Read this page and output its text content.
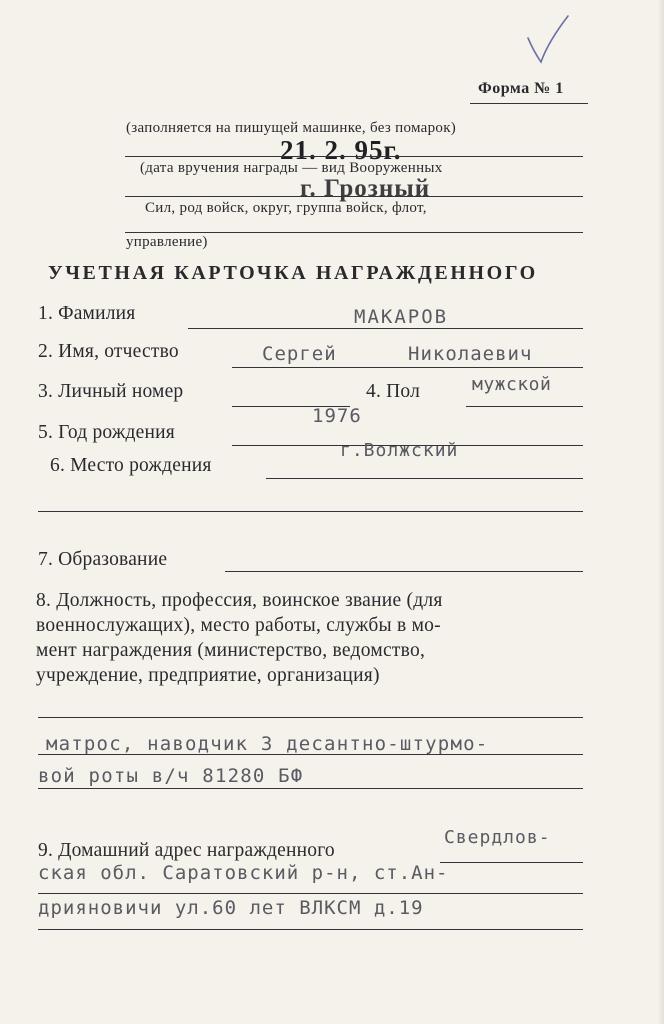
Форма № 1
(заполняется на пишущей машинке, без помарок)
21. 2. 95г.
(дата вручения награды — вид Вооруженных
г. Грозный
Сил, род войск, округ, группа войск, флот,
управление)
УЧЕТНАЯ КАРТОЧКА НАГРАЖДЕННОГО
1. Фамилия	МАКАРОВ
2. Имя, отчество	Сергей	Николаевич
3. Личный номер	4. Пол	мужской
5. Год рождения
1976
6. Место рождения
г.Волжский
7. Образование
8. Должность, профессия, воинское звание (для
военнослужащих), место работы, службы в мо-
мент награждения (министерство, ведомство,
учреждение, предприятие, организация)
матрос, наводчик 3 десантно-штурмо-
вой роты в/ч 81280 БФ
9. Домашний адрес награжденного
Свердлов-
ская обл. Саратовский р-н, ст.Ан-
дрияновичи ул.60 лет ВЛКСМ д.19
